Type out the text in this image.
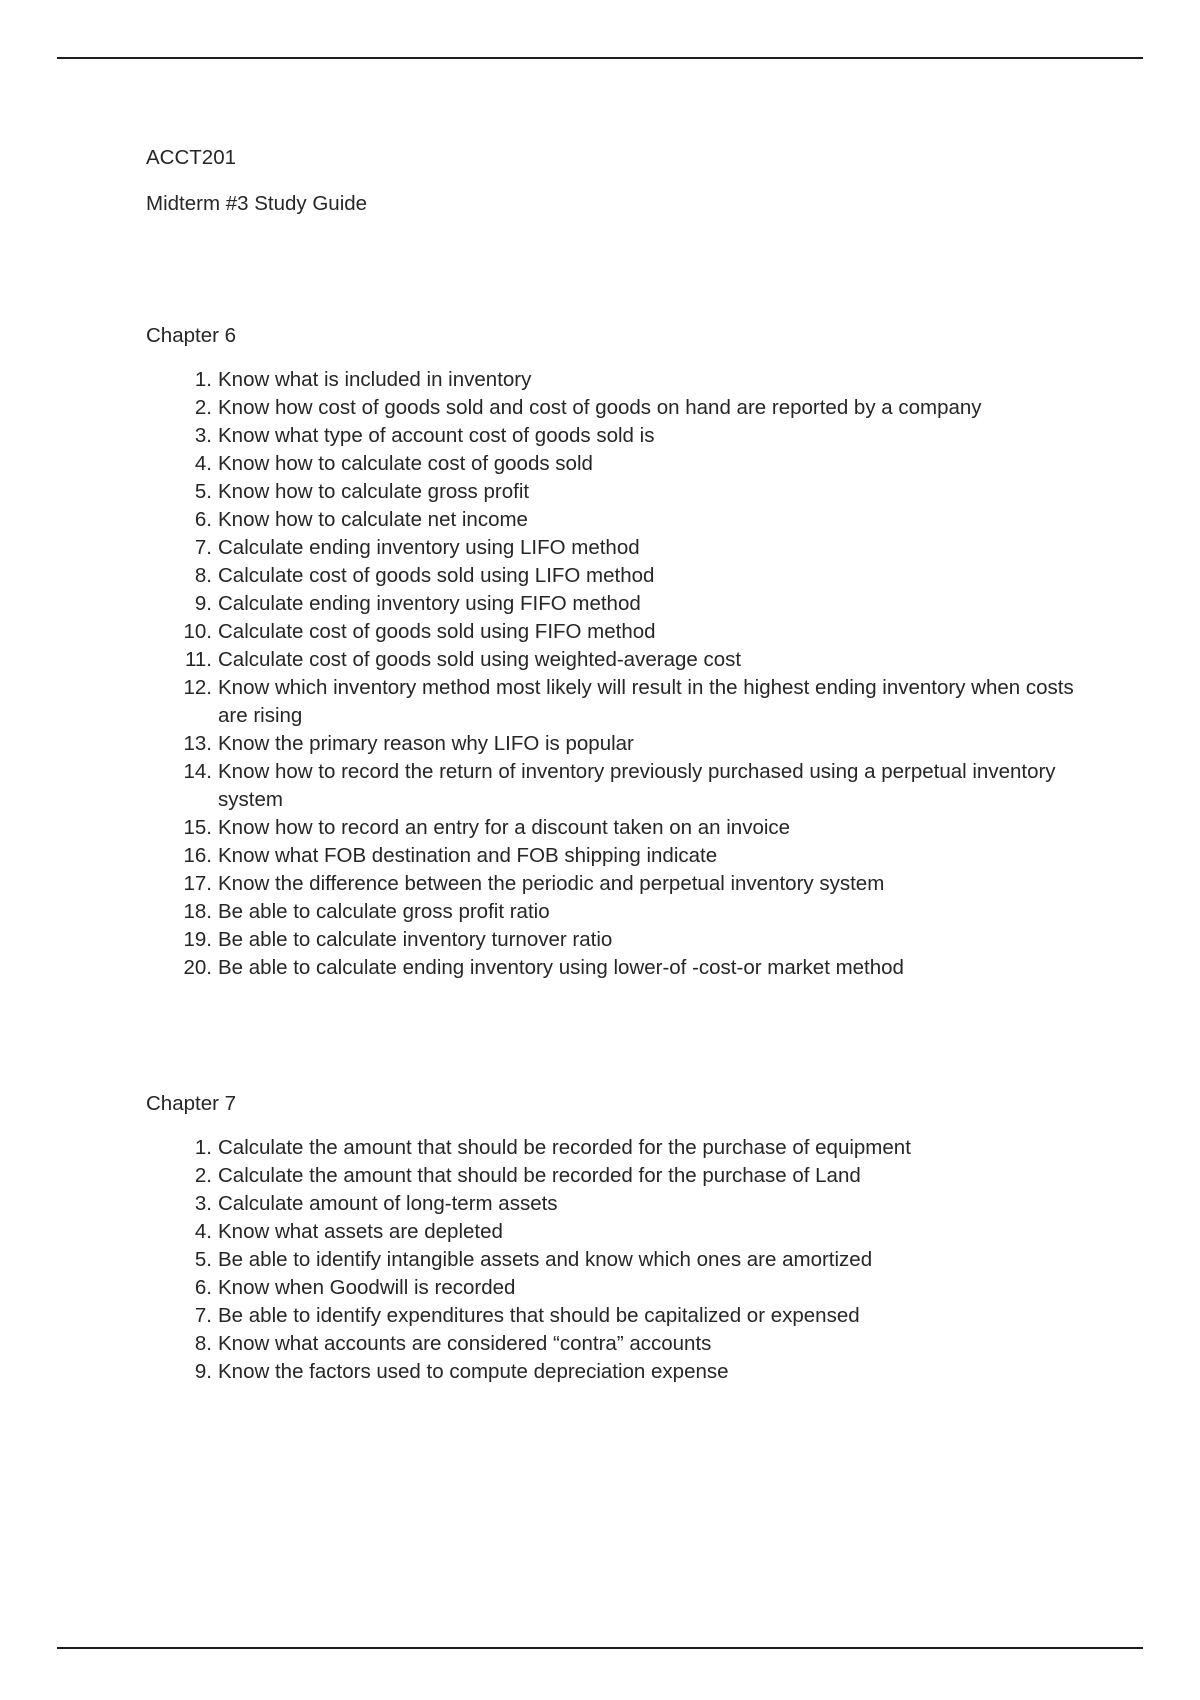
ACCT201

Midterm #3 Study Guide

Chapter 6

1. Know what is included in inventory
2. Know how cost of goods sold and cost of goods on hand are reported by a company
3. Know what type of account cost of goods sold is
4. Know how to calculate cost of goods sold
5. Know how to calculate gross profit
6. Know how to calculate net income
7. Calculate ending inventory using LIFO method
8. Calculate cost of goods sold using LIFO method
9. Calculate ending inventory using FIFO method
10. Calculate cost of goods sold using FIFO method
11. Calculate cost of goods sold using weighted-average cost
12. Know which inventory method most likely will result in the highest ending inventory when costs are rising
13. Know the primary reason why LIFO is popular
14. Know how to record the return of inventory previously purchased using a perpetual inventory system
15. Know how to record an entry for a discount taken on an invoice
16. Know what FOB destination and FOB shipping indicate
17. Know the difference between the periodic and perpetual inventory system
18. Be able to calculate gross profit ratio
19. Be able to calculate inventory turnover ratio
20. Be able to calculate ending inventory using lower-of -cost-or market method

Chapter 7

1. Calculate the amount that should be recorded for the purchase of equipment
2. Calculate the amount that should be recorded for the purchase of Land
3. Calculate amount of long-term assets
4. Know what assets are depleted
5. Be able to identify intangible assets and know which ones are amortized
6. Know when Goodwill is recorded
7. Be able to identify expenditures that should be capitalized or expensed
8. Know what accounts are considered “contra” accounts
9. Know the factors used to compute depreciation expense
